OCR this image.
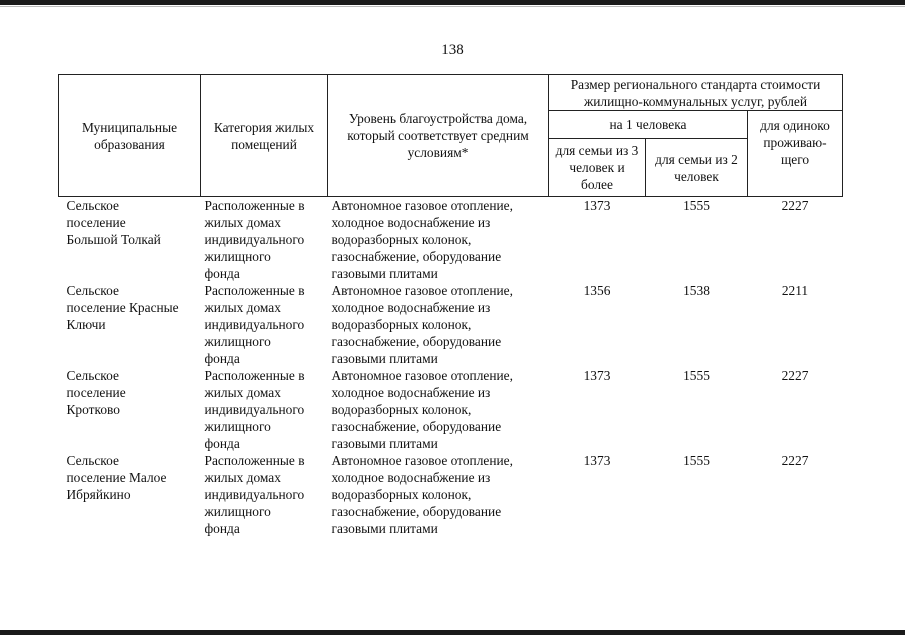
138
Муниципальные образования	Категория жилых помещений	Уровень благоустройства дома, который соответствует средним условиям*	Размер регионального стандарта стоимости жилищно-коммунальных услуг, рублей		
			на 1 человека		для одиноко проживаю-щего
			для семьи из 3 человек и более	для семьи из 2 человек	
Сельское
поселение
Большой Толкай	Расположенные в
жилых домах
индивидуального
жилищного
фонда	Автономное газовое отопление,
холодное водоснабжение из
водоразборных колонок,
газоснабжение, оборудование
газовыми плитами	1373	1555	2227
Сельское
поселение Красные
Ключи	Расположенные в
жилых домах
индивидуального
жилищного
фонда	Автономное газовое отопление,
холодное водоснабжение из
водоразборных колонок,
газоснабжение, оборудование
газовыми плитами	1356	1538	2211
Сельское
поселение
Кротково	Расположенные в
жилых домах
индивидуального
жилищного
фонда	Автономное газовое отопление,
холодное водоснабжение из
водоразборных колонок,
газоснабжение, оборудование
газовыми плитами	1373	1555	2227
Сельское
поселение Малое
Ибряйкино	Расположенные в
жилых домах
индивидуального
жилищного
фонда	Автономное газовое отопление,
холодное водоснабжение из
водоразборных колонок,
газоснабжение, оборудование
газовыми плитами	1373	1555	2227
